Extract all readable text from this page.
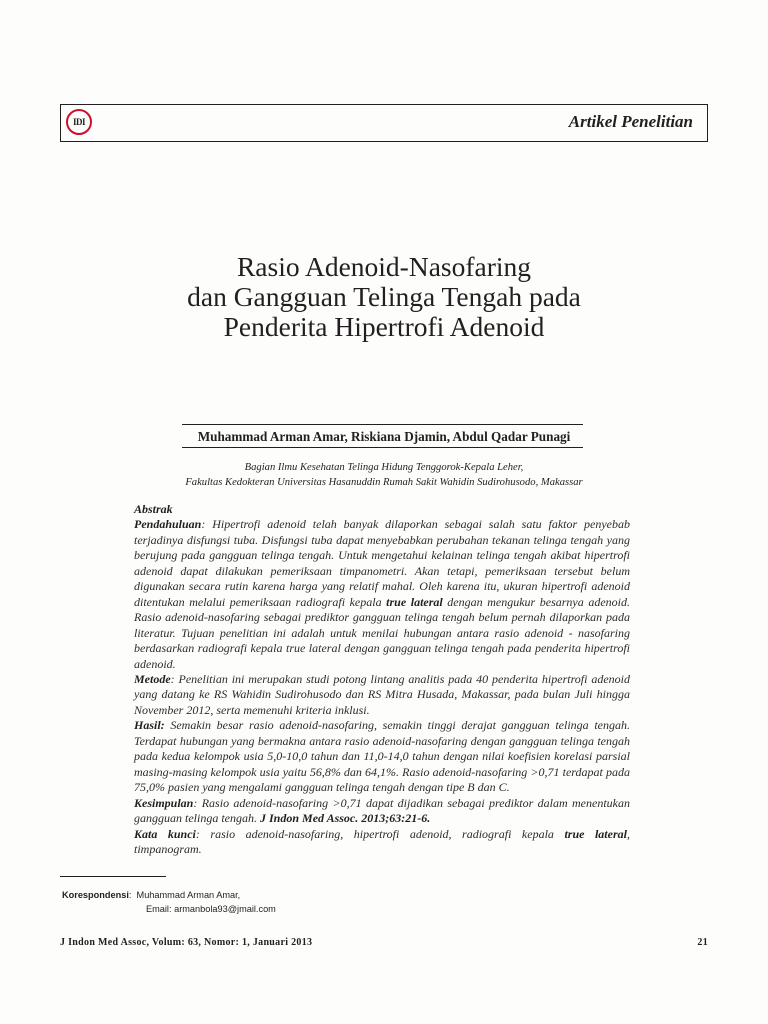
IDI	Artikel Penelitian
Rasio Adenoid-Nasofaring
dan Gangguan Telinga Tengah pada
Penderita Hipertrofi Adenoid
Muhammad Arman Amar, Riskiana Djamin, Abdul Qadar Punagi
Bagian Ilmu Kesehatan Telinga Hidung Tenggorok-Kepala Leher,
Fakultas Kedokteran Universitas Hasanuddin Rumah Sakit Wahidin Sudirohusodo, Makassar

Abstrak

Pendahuluan: Hipertrofi adenoid telah banyak dilaporkan sebagai salah satu faktor penyebab terjadinya disfungsi tuba. Disfungsi tuba dapat menyebabkan perubahan tekanan telinga tengah yang berujung pada gangguan telinga tengah. Untuk mengetahui kelainan telinga tengah akibat hipertrofi adenoid dapat dilakukan pemeriksaan timpanometri. Akan tetapi, pemeriksaan tersebut belum digunakan secara rutin karena harga yang relatif mahal. Oleh karena itu, ukuran hipertrofi adenoid ditentukan melalui pemeriksaan radiografi kepala true lateral dengan mengukur besarnya adenoid. Rasio adenoid-nasofaring sebagai prediktor gangguan telinga tengah belum pernah dilaporkan pada literatur. Tujuan penelitian ini adalah untuk menilai hubungan antara rasio adenoid - nasofaring berdasarkan radiografi kepala true lateral dengan gangguan telinga tengah pada penderita hipertrofi adenoid.

Metode: Penelitian ini merupakan studi potong lintang analitis pada 40 penderita hipertrofi adenoid yang datang ke RS Wahidin Sudirohusodo dan RS Mitra Husada, Makassar, pada bulan Juli hingga November 2012, serta memenuhi kriteria inklusi.

Hasil: Semakin besar rasio adenoid-nasofaring, semakin tinggi derajat gangguan telinga tengah. Terdapat hubungan yang bermakna antara rasio adenoid-nasofaring dengan gangguan telinga tengah pada kedua kelompok usia 5,0-10,0 tahun dan 11,0-14,0 tahun dengan nilai koefisien korelasi parsial masing-masing kelompok usia yaitu 56,8% dan 64,1%. Rasio adenoid-nasofaring >0,71 terdapat pada 75,0% pasien yang mengalami gangguan telinga tengah dengan tipe B dan C.

Kesimpulan: Rasio adenoid-nasofaring >0,71 dapat dijadikan sebagai prediktor dalam menentukan gangguan telinga tengah. J Indon Med Assoc. 2013;63:21-6.

Kata kunci: rasio adenoid-nasofaring, hipertrofi adenoid, radiografi kepala true lateral, timpanogram.

Korespondensi:  Muhammad Arman Amar,
Email: armanbola93@jmail.com
J Indon Med Assoc, Volum: 63, Nomor: 1, Januari 2013	21
